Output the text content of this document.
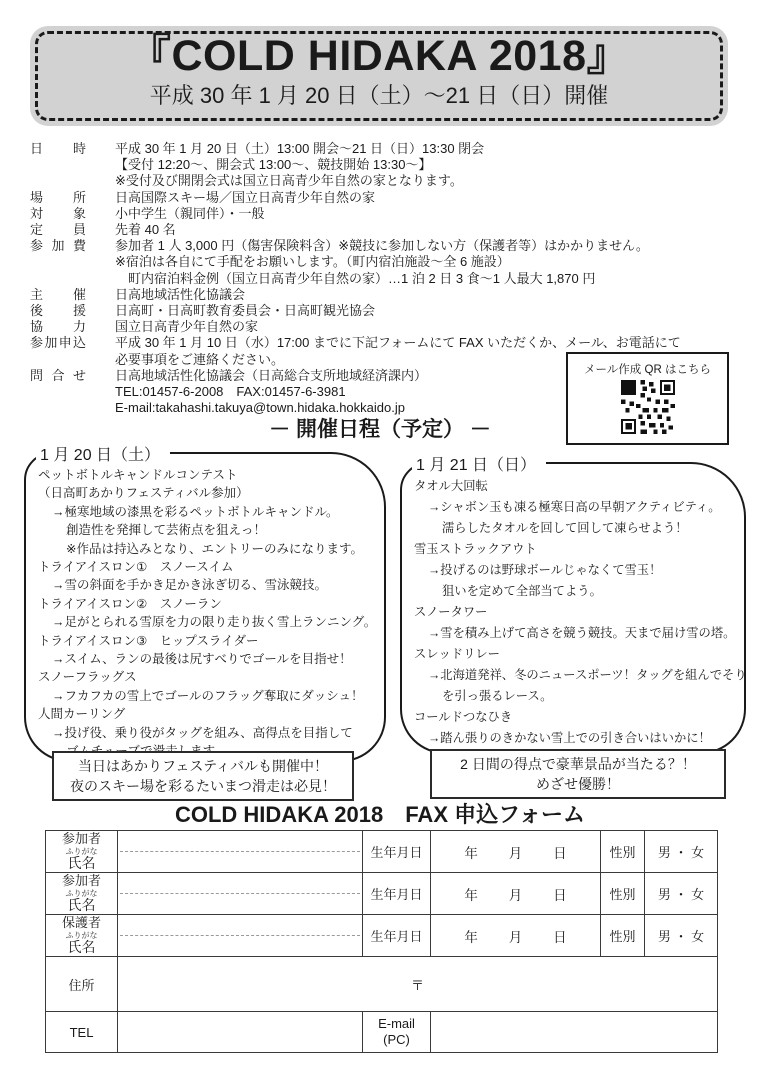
『COLD HIDAKA 2018』
平成 30 年 1 月 20 日（土）～21 日（日）開催
日 時 平成 30 年 1 月 20 日（土）13:00 開会～21 日（日）13:30 閉会
【受付 12:20～、開会式 13:00～、競技開始 13:30～】
※受付及び開閉会式は国立日高青少年自然の家となります。
場 所 日高国際スキー場／国立日高青少年自然の家
対 象 小中学生（親同伴）・一般
定 員 先着 40 名
参 加 費 参加者 1 人 3,000 円（傷害保険料含）※競技に参加しない方（保護者等）はかかりません。
※宿泊は各自にて手配をお願いします。（町内宿泊施設～全 6 施設）
　町内宿泊料金例（国立日高青少年自然の家）…1 泊 2 日 3 食～1 人最大 1,870 円
主 催 日高地域活性化協議会
後 援 日高町・日高町教育委員会・日高町観光協会
協 力 国立日高青少年自然の家
参加申込 平成 30 年 1 月 10 日（水）17:00 までに下記フォームにて FAX いただくか、メール、お電話にて
必要事項をご連絡ください。
問 合 せ 日高地域活性化協議会（日高総合支所地域経済課内）
TEL:01457-6-2008　FAX:01457-6-3981
E-mail:takahashi.takuya@town.hidaka.hokkaido.jp
メール作成 QR はこちら
－ 開催日程（予定） －
1 月 20 日（土）
ペットボトルキャンドルコンテスト
（日高町あかりフェスティバル参加）
→極寒地域の漆黒を彩るペットボトルキャンドル。
創造性を発揮して芸術点を狙えっ！
※作品は持込みとなり、エントリーのみになります。
トライアイスロン①　スノースイム
→雪の斜面を手かき足かき泳ぎ切る、雪泳競技。
トライアイスロン②　スノーラン
→足がとられる雪原を力の限り走り抜く雪上ランニング。
トライアイスロン③　ヒップスライダー
→スイム、ランの最後は尻すべりでゴールを目指せ！
スノーフラッグス
→フカフカの雪上でゴールのフラッグ奪取にダッシュ！
人間カーリング
→投げ役、乗り役がタッグを組み、高得点を目指して
当日はあかりフェスティバルも開催中！
夜のスキー場を彩るたいまつ滑走は必見！
1 月 21 日（日）
タオル大回転
→シャボン玉も凍る極寒日高の早朝アクティビティ。
濡らしたタオルを回して回して凍らせよう！
雪玉ストラックアウト
→投げるのは野球ボールじゃなくて雪玉！
狙いを定めて全部当てよう。
スノータワー
→雪を積み上げて高さを競う競技。天まで届け雪の塔。
スレッドリレー
→北海道発祥、冬のニュースポーツ！タッグを組んでそり
を引っ張るレース。
コールドつなひき
→踏ん張りのきかない雪上での引き合いはいかに！
2 日間の得点で豪華景品が当たる？！
めざせ優勝！
COLD HIDAKA 2018　FAX 申込フォーム
参加者
ふりがな
氏名

	生年月日	年 月 日	性別	男 ・ 女

参加者
ふりがな
氏名

	生年月日	年 月 日	性別	男 ・ 女

保護者
ふりがな
氏名

	生年月日	年 月 日	性別	男 ・ 女
住所	〒				
TEL		E-mail
(PC)			
